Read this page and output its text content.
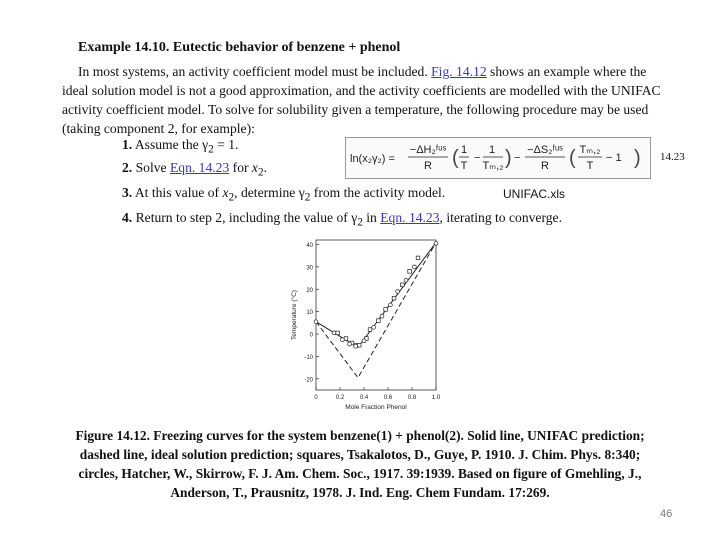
Example 14.10. Eutectic behavior of benzene + phenol
In most systems, an activity coefficient model must be included. Fig. 14.12 shows an example where the ideal solution model is not a good approximation, and the activity coefficients are modelled with the UNIFAC activity coefficient model. To solve for solubility given a temperature, the following procedure may be used (taking component 2, for example):
1. Assume the $\gamma_2 = 1$.
2. Solve Eqn. 14.23 for $x_2$.
3. At this value of $x_2$, determine $\gamma_2$ from the activity model.
4. Return to step 2, including the value of $\gamma_2$ in Eqn. 14.23, iterating to converge.
ln(x₂γ₂) =
−ΔH₂ᶠᵘˢ
R ( 1
T
−
1
Tₘ,₂ ) −
−ΔS₂ᶠᵘˢ
R ( Tₘ,₂
T
− 1 ) 14.23
UNIFAC.xls
-20
-10
0
10
20
30
40
0	0.2	0.4	0.6	0.8	1.0
Mole Fraction Phenol
Temperature (°C)
Figure 14.12. Freezing curves for the system benzene(1) + phenol(2). Solid line, UNIFAC prediction; dashed line, ideal solution prediction; squares, Tsakalotos, D., Guye, P. 1910. J. Chim. Phys. 8:340; circles, Hatcher, W., Skirrow, F. J. Am. Chem. Soc., 1917. 39:1939. Based on figure of Gmehling, J., Anderson, T., Prausnitz, 1978. J. Ind. Eng. Chem Fundam. 17:269.
46
